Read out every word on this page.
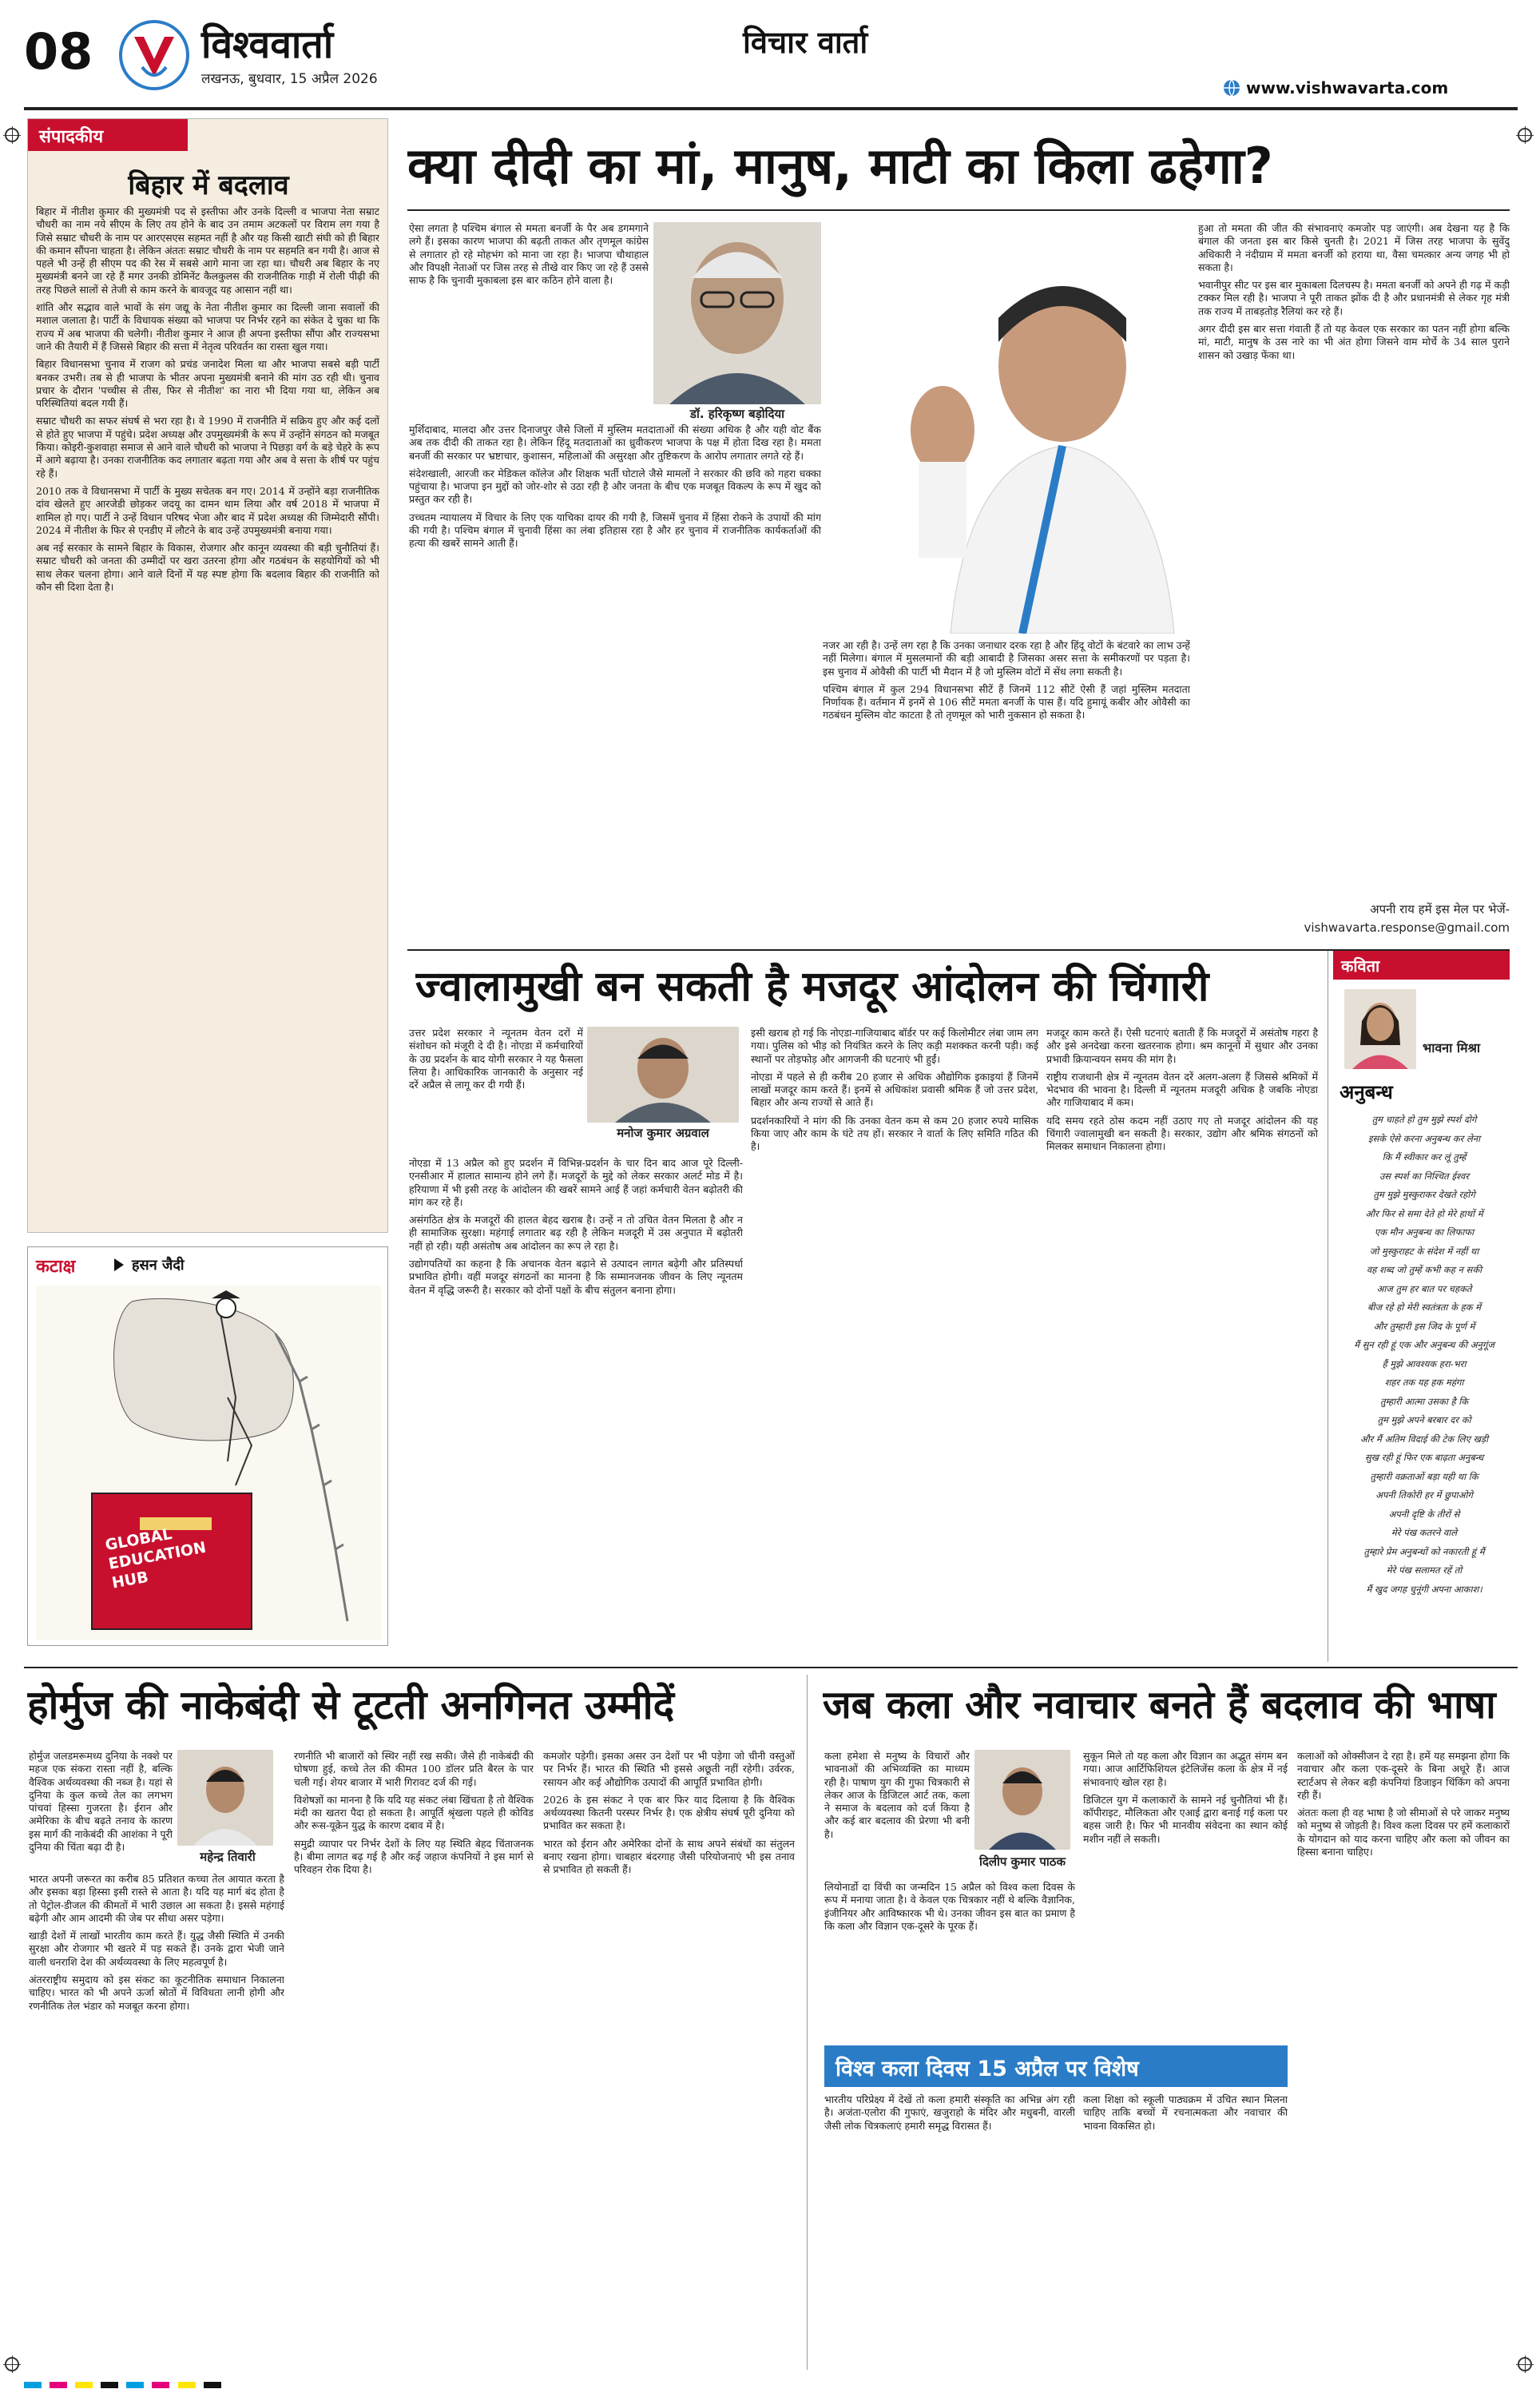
08	विश्ववार्ता
लखनऊ, बुधवार, 15 अप्रैल 2026
विचार वार्ता
www.vishwavarta.com
संपादकीय
बिहार में बदलाव

बिहार में नीतीश कुमार की मुख्यमंत्री पद से इस्तीफा और उनके दिल्ली व भाजपा नेता सम्राट चौधरी का नाम नये सीएम के लिए तय होने के बाद उन तमाम अटकलों पर विराम लग गया है जिसे सम्राट चौधरी के नाम पर आरएसएस सहमत नहीं है और यह किसी खाटी संघी को ही बिहार की कमान सौंपना चाहता है। लेकिन अंततः सम्राट चौधरी के नाम पर सहमति बन गयी है। आज से पहले भी उन्हें ही सीएम पद की रेस में सबसे आगे माना जा रहा था। चौधरी अब बिहार के नए मुख्यमंत्री बनने जा रहे हैं मगर उनकी डोमिनेंट कैलकुलस की राजनीतिक गाड़ी में रोली पीढ़ी की तरह पिछले सालों से तेजी से काम करने के बावजूद यह आसान नहीं था।

शांति और सद्भाव वाले भावों के संग जद्यू के नेता नीतीश कुमार का दिल्ली जाना सवालों की मशाल जलाता है। पार्टी के विधायक संख्या को भाजपा पर निर्भर रहने का संकेत दे चुका था कि राज्य में अब भाजपा की चलेगी। नीतीश कुमार ने आज ही अपना इस्तीफा सौंपा और राज्यसभा जाने की तैयारी में हैं जिससे बिहार की सत्ता में नेतृत्व परिवर्तन का रास्ता खुल गया।

बिहार विधानसभा चुनाव में राजग को प्रचंड जनादेश मिला था और भाजपा सबसे बड़ी पार्टी बनकर उभरी। तब से ही भाजपा के भीतर अपना मुख्यमंत्री बनाने की मांग उठ रही थी। चुनाव प्रचार के दौरान 'पच्चीस से तीस, फिर से नीतीश' का नारा भी दिया गया था, लेकिन अब परिस्थितियां बदल गयी हैं।

सम्राट चौधरी का सफर संघर्ष से भरा रहा है। वे 1990 में राजनीति में सक्रिय हुए और कई दलों से होते हुए भाजपा में पहुंचे। प्रदेश अध्यक्ष और उपमुख्यमंत्री के रूप में उन्होंने संगठन को मजबूत किया। कोइरी-कुशवाहा समाज से आने वाले चौधरी को भाजपा ने पिछड़ा वर्ग के बड़े चेहरे के रूप में आगे बढ़ाया है। उनका राजनीतिक कद लगातार बढ़ता गया और अब वे सत्ता के शीर्ष पर पहुंच रहे हैं।

2010 तक वे विधानसभा में पार्टी के मुख्य सचेतक बन गए। 2014 में उन्होंने बड़ा राजनीतिक दांव खेलते हुए आरजेडी छोड़कर जदयू का दामन थाम लिया और वर्ष 2018 में भाजपा में शामिल हो गए। पार्टी ने उन्हें विधान परिषद भेजा और बाद में प्रदेश अध्यक्ष की जिम्मेदारी सौंपी। 2024 में नीतीश के फिर से एनडीए में लौटने के बाद उन्हें उपमुख्यमंत्री बनाया गया।

अब नई सरकार के सामने बिहार के विकास, रोजगार और कानून व्यवस्था की बड़ी चुनौतियां हैं। सम्राट चौधरी को जनता की उम्मीदों पर खरा उतरना होगा और गठबंधन के सहयोगियों को भी साथ लेकर चलना होगा। आने वाले दिनों में यह स्पष्ट होगा कि बदलाव बिहार की राजनीति को कौन सी दिशा देता है।

कटाक्ष	हसन जैदी
GLOBAL EDUCATION HUB
क्या दीदी का मां, मानुष, माटी का किला ढहेगा?
डॉ. हरिकृष्ण बड़ोदिया

ऐसा लगता है पश्चिम बंगाल से ममता बनर्जी के पैर अब डगमगाने लगे हैं। इसका कारण भाजपा की बढ़ती ताकत और तृणमूल कांग्रेस से लगातार हो रहे मोहभंग को माना जा रहा है। भाजपा चौथाहाल और विपक्षी नेताओं पर जिस तरह से तीखे वार किए जा रहे हैं उससे साफ है कि चुनावी मुकाबला इस बार कठिन होने वाला है।

मुर्शिदाबाद, मालदा और उत्तर दिनाजपुर जैसे जिलों में मुस्लिम मतदाताओं की संख्या अधिक है और यही वोट बैंक अब तक दीदी की ताकत रहा है। लेकिन हिंदू मतदाताओं का ध्रुवीकरण भाजपा के पक्ष में होता दिख रहा है। ममता बनर्जी की सरकार पर भ्रष्टाचार, कुशासन, महिलाओं की असुरक्षा और तुष्टिकरण के आरोप लगातार लगते रहे हैं।

संदेशखाली, आरजी कर मेडिकल कॉलेज और शिक्षक भर्ती घोटाले जैसे मामलों ने सरकार की छवि को गहरा धक्का पहुंचाया है। भाजपा इन मुद्दों को जोर-शोर से उठा रही है और जनता के बीच एक मजबूत विकल्प के रूप में खुद को प्रस्तुत कर रही है।

उच्चतम न्यायालय में विचार के लिए एक याचिका दायर की गयी है, जिसमें चुनाव में हिंसा रोकने के उपायों की मांग की गयी है। पश्चिम बंगाल में चुनावी हिंसा का लंबा इतिहास रहा है और हर चुनाव में राजनीतिक कार्यकर्ताओं की हत्या की खबरें सामने आती हैं।

नजर आ रही है। उन्हें लग रहा है कि उनका जनाधार दरक रहा है और हिंदू वोटों के बंटवारे का लाभ उन्हें नहीं मिलेगा। बंगाल में मुसलमानों की बड़ी आबादी है जिसका असर सत्ता के समीकरणों पर पड़ता है। इस चुनाव में ओवैसी की पार्टी भी मैदान में है जो मुस्लिम वोटों में सेंध लगा सकती है।

पश्चिम बंगाल में कुल 294 विधानसभा सीटें हैं जिनमें 112 सीटें ऐसी हैं जहां मुस्लिम मतदाता निर्णायक हैं। वर्तमान में इनमें से 106 सीटें ममता बनर्जी के पास हैं। यदि हुमायूं कबीर और ओवैसी का गठबंधन मुस्लिम वोट काटता है तो तृणमूल को भारी नुकसान हो सकता है।

हुआ तो ममता की जीत की संभावनाएं कमजोर पड़ जाएंगी। अब देखना यह है कि बंगाल की जनता इस बार किसे चुनती है। 2021 में जिस तरह भाजपा के सुवेंदु अधिकारी ने नंदीग्राम में ममता बनर्जी को हराया था, वैसा चमत्कार अन्य जगह भी हो सकता है।

भवानीपुर सीट पर इस बार मुकाबला दिलचस्प है। ममता बनर्जी को अपने ही गढ़ में कड़ी टक्कर मिल रही है। भाजपा ने पूरी ताकत झोंक दी है और प्रधानमंत्री से लेकर गृह मंत्री तक राज्य में ताबड़तोड़ रैलियां कर रहे हैं।

अगर दीदी इस बार सत्ता गंवाती हैं तो यह केवल एक सरकार का पतन नहीं होगा बल्कि मां, माटी, मानुष के उस नारे का भी अंत होगा जिसने वाम मोर्चे के 34 साल पुराने शासन को उखाड़ फेंका था।

अपनी राय हमें इस मेल पर भेजें-
vishwavarta.response@gmail.com
ज्वालामुखी बन सकती है मजदूर आंदोलन की चिंगारी
मनोज कुमार अग्रवाल

उत्तर प्रदेश सरकार ने न्यूनतम वेतन दरों में संशोधन को मंजूरी दे दी है। नोएडा में कर्मचारियों के उग्र प्रदर्शन के बाद योगी सरकार ने यह फैसला लिया है। आधिकारिक जानकारी के अनुसार नई दरें अप्रैल से लागू कर दी गयी हैं।

नोएडा में 13 अप्रैल को हुए प्रदर्शन में विभिन्न-प्रदर्शन के चार दिन बाद आज पूरे दिल्ली-एनसीआर में हालात सामान्य होने लगे हैं। मजदूरों के मुद्दे को लेकर सरकार अलर्ट मोड में है। हरियाणा में भी इसी तरह के आंदोलन की खबरें सामने आई हैं जहां कर्मचारी वेतन बढ़ोतरी की मांग कर रहे हैं।

असंगठित क्षेत्र के मजदूरों की हालत बेहद खराब है। उन्हें न तो उचित वेतन मिलता है और न ही सामाजिक सुरक्षा। महंगाई लगातार बढ़ रही है लेकिन मजदूरी में उस अनुपात में बढ़ोतरी नहीं हो रही। यही असंतोष अब आंदोलन का रूप ले रहा है।

उद्योगपतियों का कहना है कि अचानक वेतन बढ़ाने से उत्पादन लागत बढ़ेगी और प्रतिस्पर्धा प्रभावित होगी। वहीं मजदूर संगठनों का मानना है कि सम्मानजनक जीवन के लिए न्यूनतम वेतन में वृद्धि जरूरी है। सरकार को दोनों पक्षों के बीच संतुलन बनाना होगा।

इसी खराब हो गई कि नोएडा-गाजियाबाद बॉर्डर पर कई किलोमीटर लंबा जाम लग गया। पुलिस को भीड़ को नियंत्रित करने के लिए कड़ी मशक्कत करनी पड़ी। कई स्थानों पर तोड़फोड़ और आगजनी की घटनाएं भी हुईं।

नोएडा में पहले से ही करीब 20 हजार से अधिक औद्योगिक इकाइयां हैं जिनमें लाखों मजदूर काम करते हैं। इनमें से अधिकांश प्रवासी श्रमिक हैं जो उत्तर प्रदेश, बिहार और अन्य राज्यों से आते हैं।

प्रदर्शनकारियों ने मांग की कि उनका वेतन कम से कम 20 हजार रुपये मासिक किया जाए और काम के घंटे तय हों। सरकार ने वार्ता के लिए समिति गठित की है।

मजदूर काम करते हैं। ऐसी घटनाएं बताती हैं कि मजदूरों में असंतोष गहरा है और इसे अनदेखा करना खतरनाक होगा। श्रम कानूनों में सुधार और उनका प्रभावी क्रियान्वयन समय की मांग है।

राष्ट्रीय राजधानी क्षेत्र में न्यूनतम वेतन दरें अलग-अलग हैं जिससे श्रमिकों में भेदभाव की भावना है। दिल्ली में न्यूनतम मजदूरी अधिक है जबकि नोएडा और गाजियाबाद में कम।

यदि समय रहते ठोस कदम नहीं उठाए गए तो मजदूर आंदोलन की यह चिंगारी ज्वालामुखी बन सकती है। सरकार, उद्योग और श्रमिक संगठनों को मिलकर समाधान निकालना होगा।

कविता
भावना मिश्रा
अनुबन्ध
तुम चाहते हो तुम मुझे स्पर्श दोगे
इसके ऐसे करना अनुबन्ध कर लेना
कि मैं स्वीकार कर लूं तुम्हें
उस स्पर्श का निश्चित ईश्वर
तुम मुझे मुस्कुराकर देखते रहोगे
और फिर से समा देते हो मेरे हाथों में
एक मौन अनुबन्ध का लिफाफा
जो मुस्कुराहट के संदेश में नहीं था
वह शब्द जो तुम्हें कभी कह न सकी
आज तुम हर बात पर चहकते
बीज रहे हो मेरी स्वतंत्रता के हक में
और तुम्हारी इस जिद के पूर्ण में
मैं सुन रही हूं एक और अनुबन्ध की अनुगूंज
हैं मुझे आवश्यक हरा-भरा
शहर तक यह हक महंगा
तुम्हारी आत्मा उसका है कि
तुम मुझे अपने बरबार दर को
और मैं अतिम विदाई की टेक लिए खड़ी
सुख रही हूं फिर एक बाढ़ता अनुबन्ध
तुम्हारी वक्रताओं बड़ा यही था कि
अपनी तिकोरी हर में छुपाओगे
अपनी दृष्टि के तीरों से
मेरे पंख कतरने वाले
तुम्हारे प्रेम अनुबन्धों को नकारती हूं मैं
मेरे पंख सलामत रहें तो
मैं खुद जगह चुनूंगी अपना आकाश।
होर्मुज की नाकेबंदी से टूटती अनगिनत उम्मीदें
महेन्द्र तिवारी

होर्मुज जलडमरूमध्य दुनिया के नक्शे पर महज एक संकरा रास्ता नहीं है, बल्कि वैश्विक अर्थव्यवस्था की नब्ज है। यहां से दुनिया के कुल कच्चे तेल का लगभग पांचवां हिस्सा गुजरता है। ईरान और अमेरिका के बीच बढ़ते तनाव के कारण इस मार्ग की नाकेबंदी की आशंका ने पूरी दुनिया की चिंता बढ़ा दी है।

भारत अपनी जरूरत का करीब 85 प्रतिशत कच्चा तेल आयात करता है और इसका बड़ा हिस्सा इसी रास्ते से आता है। यदि यह मार्ग बंद होता है तो पेट्रोल-डीजल की कीमतों में भारी उछाल आ सकता है। इससे महंगाई बढ़ेगी और आम आदमी की जेब पर सीधा असर पड़ेगा।

खाड़ी देशों में लाखों भारतीय काम करते हैं। युद्ध जैसी स्थिति में उनकी सुरक्षा और रोजगार भी खतरे में पड़ सकते हैं। उनके द्वारा भेजी जाने वाली धनराशि देश की अर्थव्यवस्था के लिए महत्वपूर्ण है।

अंतरराष्ट्रीय समुदाय को इस संकट का कूटनीतिक समाधान निकालना चाहिए। भारत को भी अपने ऊर्जा स्रोतों में विविधता लानी होगी और रणनीतिक तेल भंडार को मजबूत करना होगा।

रणनीति भी बाजारों को स्थिर नहीं रख सकी। जैसे ही नाकेबंदी की घोषणा हुई, कच्चे तेल की कीमत 100 डॉलर प्रति बैरल के पार चली गई। शेयर बाजार में भारी गिरावट दर्ज की गई।

विशेषज्ञों का मानना है कि यदि यह संकट लंबा खिंचता है तो वैश्विक मंदी का खतरा पैदा हो सकता है। आपूर्ति श्रृंखला पहले ही कोविड और रूस-यूक्रेन युद्ध के कारण दबाव में है।

समुद्री व्यापार पर निर्भर देशों के लिए यह स्थिति बेहद चिंताजनक है। बीमा लागत बढ़ गई है और कई जहाज कंपनियों ने इस मार्ग से परिवहन रोक दिया है।

कमजोर पड़ेगी। इसका असर उन देशों पर भी पड़ेगा जो चीनी वस्तुओं पर निर्भर हैं। भारत की स्थिति भी इससे अछूती नहीं रहेगी। उर्वरक, रसायन और कई औद्योगिक उत्पादों की आपूर्ति प्रभावित होगी।

2026 के इस संकट ने एक बार फिर याद दिलाया है कि वैश्विक अर्थव्यवस्था कितनी परस्पर निर्भर है। एक क्षेत्रीय संघर्ष पूरी दुनिया को प्रभावित कर सकता है।

भारत को ईरान और अमेरिका दोनों के साथ अपने संबंधों का संतुलन बनाए रखना होगा। चाबहार बंदरगाह जैसी परियोजनाएं भी इस तनाव से प्रभावित हो सकती हैं।

जब कला और नवाचार बनते हैं बदलाव की भाषा
दिलीप कुमार पाठक

कला हमेशा से मनुष्य के विचारों और भावनाओं की अभिव्यक्ति का माध्यम रही है। पाषाण युग की गुफा चित्रकारी से लेकर आज के डिजिटल आर्ट तक, कला ने समाज के बदलाव को दर्ज किया है और कई बार बदलाव की प्रेरणा भी बनी है।

विश्व कला दिवस 15 अप्रैल पर विशेष

लियोनार्डो दा विंची का जन्मदिन 15 अप्रैल को विश्व कला दिवस के रूप में मनाया जाता है। वे केवल एक चित्रकार नहीं थे बल्कि वैज्ञानिक, इंजीनियर और आविष्कारक भी थे। उनका जीवन इस बात का प्रमाण है कि कला और विज्ञान एक-दूसरे के पूरक हैं।

भारतीय परिप्रेक्ष्य में देखें तो कला हमारी संस्कृति का अभिन्न अंग रही है। अजंता-एलोरा की गुफाएं, खजुराहो के मंदिर और मधुबनी, वारली जैसी लोक चित्रकलाएं हमारी समृद्ध विरासत हैं।

सुकून मिले तो यह कला और विज्ञान का अद्भुत संगम बन गया। आज आर्टिफिशियल इंटेलिजेंस कला के क्षेत्र में नई संभावनाएं खोल रहा है।

डिजिटल युग में कलाकारों के सामने नई चुनौतियां भी हैं। कॉपीराइट, मौलिकता और एआई द्वारा बनाई गई कला पर बहस जारी है। फिर भी मानवीय संवेदना का स्थान कोई मशीन नहीं ले सकती।

कला शिक्षा को स्कूली पाठ्यक्रम में उचित स्थान मिलना चाहिए ताकि बच्चों में रचनात्मकता और नवाचार की भावना विकसित हो।

कलाओं को ओक्सीजन दे रहा है। हमें यह समझना होगा कि नवाचार और कला एक-दूसरे के बिना अधूरे हैं। आज स्टार्टअप से लेकर बड़ी कंपनियां डिजाइन थिंकिंग को अपना रही हैं।

अंततः कला ही वह भाषा है जो सीमाओं से परे जाकर मनुष्य को मनुष्य से जोड़ती है। विश्व कला दिवस पर हमें कलाकारों के योगदान को याद करना चाहिए और कला को जीवन का हिस्सा बनाना चाहिए।
